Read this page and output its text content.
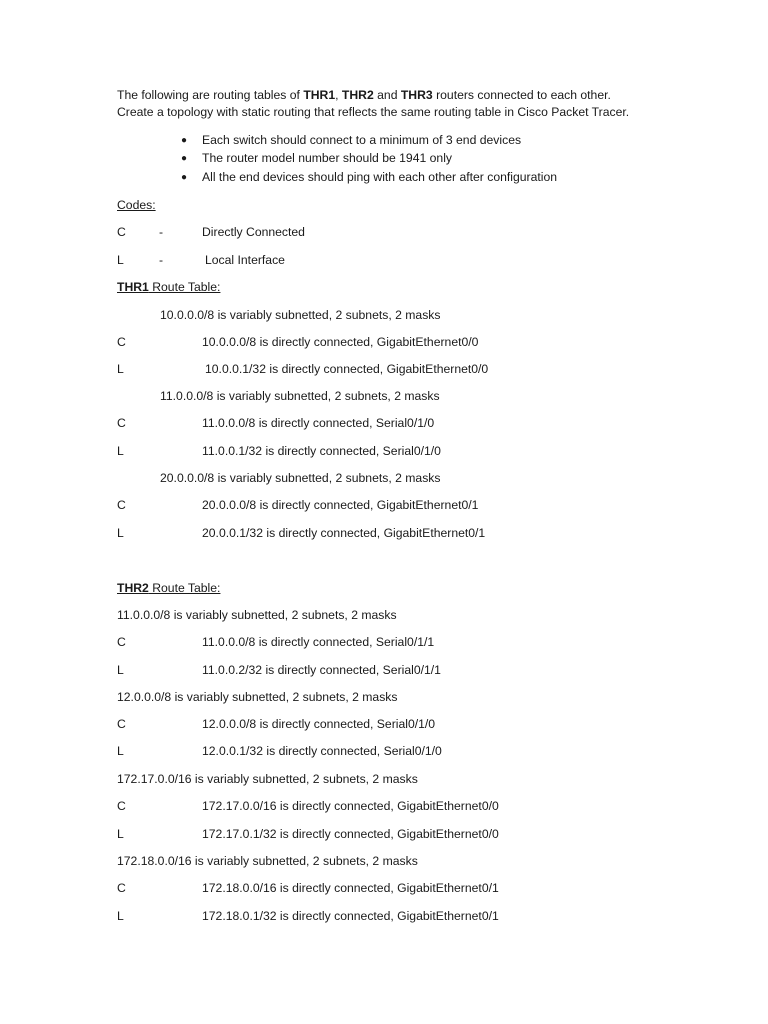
The following are routing tables of THR1, THR2 and THR3 routers connected to each other.
Create a topology with static routing that reflects the same routing table in Cisco Packet Tracer.
● Each switch should connect to a minimum of 3 end devices
● The router model number should be 1941 only
● All the end devices should ping with each other after configuration
Codes:
C	-	Directly Connected
L	-	Local Interface
THR1 Route Table:
10.0.0.0/8 is variably subnetted, 2 subnets, 2 masks
C	10.0.0.0/8 is directly connected, GigabitEthernet0/0
L	10.0.0.1/32 is directly connected, GigabitEthernet0/0
11.0.0.0/8 is variably subnetted, 2 subnets, 2 masks
C	11.0.0.0/8 is directly connected, Serial0/1/0
L	11.0.0.1/32 is directly connected, Serial0/1/0
20.0.0.0/8 is variably subnetted, 2 subnets, 2 masks
C	20.0.0.0/8 is directly connected, GigabitEthernet0/1
L	20.0.0.1/32 is directly connected, GigabitEthernet0/1
THR2 Route Table:
11.0.0.0/8 is variably subnetted, 2 subnets, 2 masks
C	11.0.0.0/8 is directly connected, Serial0/1/1
L	11.0.0.2/32 is directly connected, Serial0/1/1
12.0.0.0/8 is variably subnetted, 2 subnets, 2 masks
C	12.0.0.0/8 is directly connected, Serial0/1/0
L	12.0.0.1/32 is directly connected, Serial0/1/0
172.17.0.0/16 is variably subnetted, 2 subnets, 2 masks
C	172.17.0.0/16 is directly connected, GigabitEthernet0/0
L	172.17.0.1/32 is directly connected, GigabitEthernet0/0
172.18.0.0/16 is variably subnetted, 2 subnets, 2 masks
C	172.18.0.0/16 is directly connected, GigabitEthernet0/1
L	172.18.0.1/32 is directly connected, GigabitEthernet0/1
